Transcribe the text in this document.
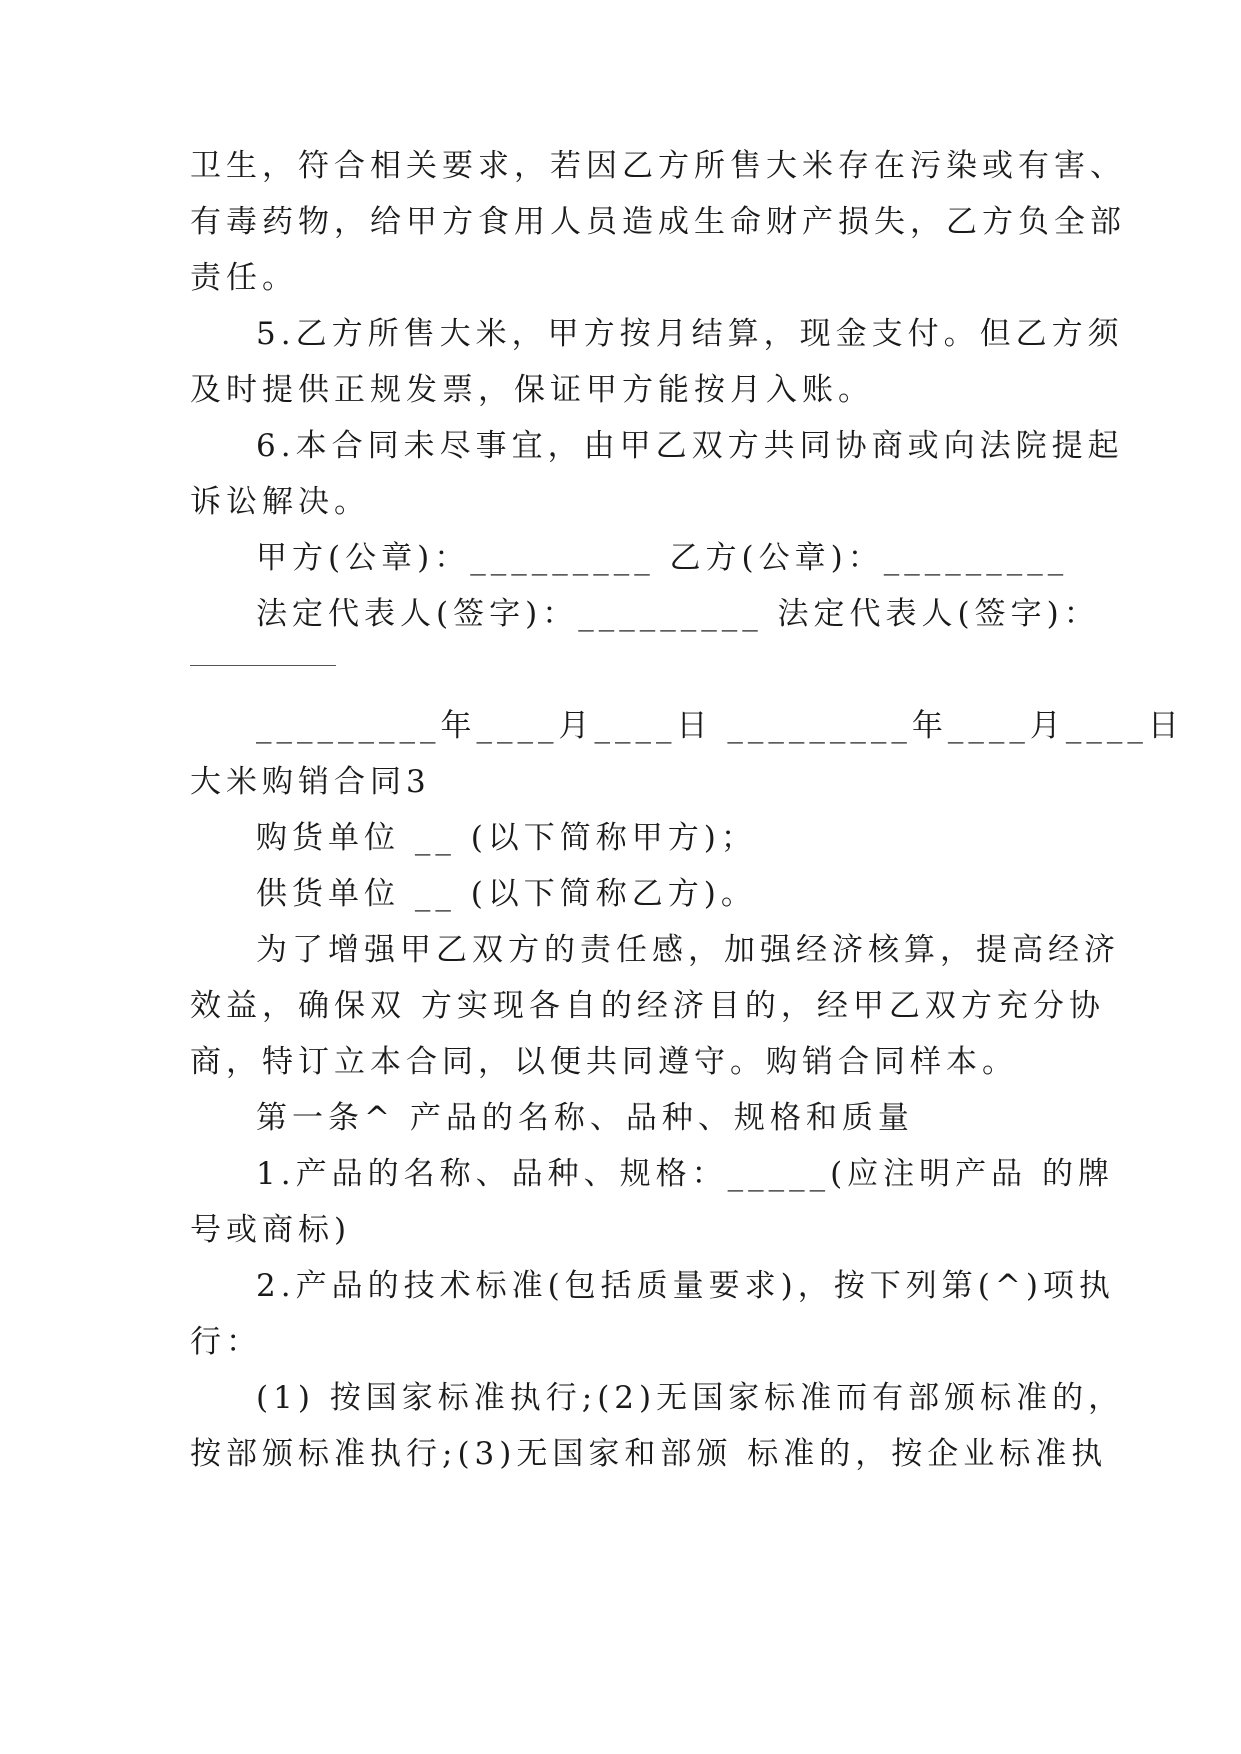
卫生，符合相关要求，若因乙方所售大米存在污染或有害、
有毒药物，给甲方食用人员造成生命财产损失，乙方负全部
责任。
5.乙方所售大米，甲方按月结算，现金支付。但乙方须
及时提供正规发票，保证甲方能按月入账。
6.本合同未尽事宜，由甲乙双方共同协商或向法院提起
诉讼解决。
甲方(公章)：_________ 乙方(公章)：_________
法定代表人(签字)：_________ 法定代表人(签字)：
_________年____月____日 _________年____月____日
大米购销合同3
购货单位 __ (以下简称甲方)；
供货单位 __ (以下简称乙方)。
为了增强甲乙双方的责任感，加强经济核算，提高经济
效益，确保双 方实现各自的经济目的，经甲乙双方充分协
商，特订立本合同，以便共同遵守。购销合同样本。
第一条^ 产品的名称、品种、规格和质量
1.产品的名称、品种、规格：_____(应注明产品 的牌
号或商标)
2.产品的技术标准(包括质量要求)，按下列第(^)项执
行：
(1) 按国家标准执行;(2)无国家标准而有部颁标准的，
按部颁标准执行;(3)无国家和部颁 标准的，按企业标准执
